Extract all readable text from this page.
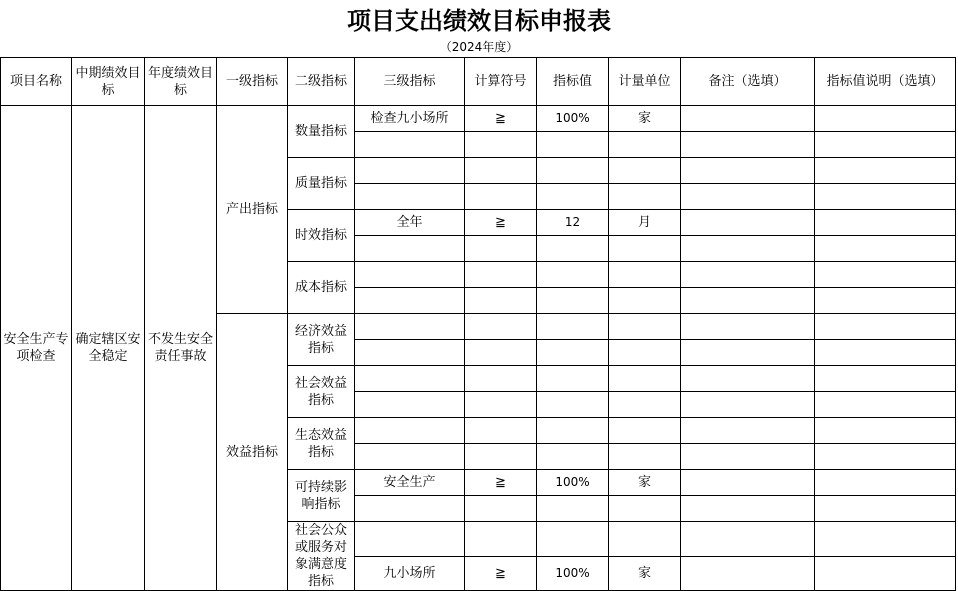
项目支出绩效目标申报表
（2024年度）
项目名称	中期绩效目标	年度绩效目标	一级指标	二级指标	三级指标	计算符号	指标值	计量单位	备注（选填）	指标值说明（选填）
安全生产专项检查	确定辖区安全稳定	不发生安全责任事故	产出指标	数量指标	检查九小场所	≧	100%	家		

				质量指标						

				时效指标	全年	≧	12	月		

				成本指标						

			效益指标	经济效益指标						

				社会效益指标						

				生态效益指标						

				可持续影响指标	安全生产	≧	100%	家		

				社会公众或服务对象满意度指标						
					九小场所	≧	100%	家		
